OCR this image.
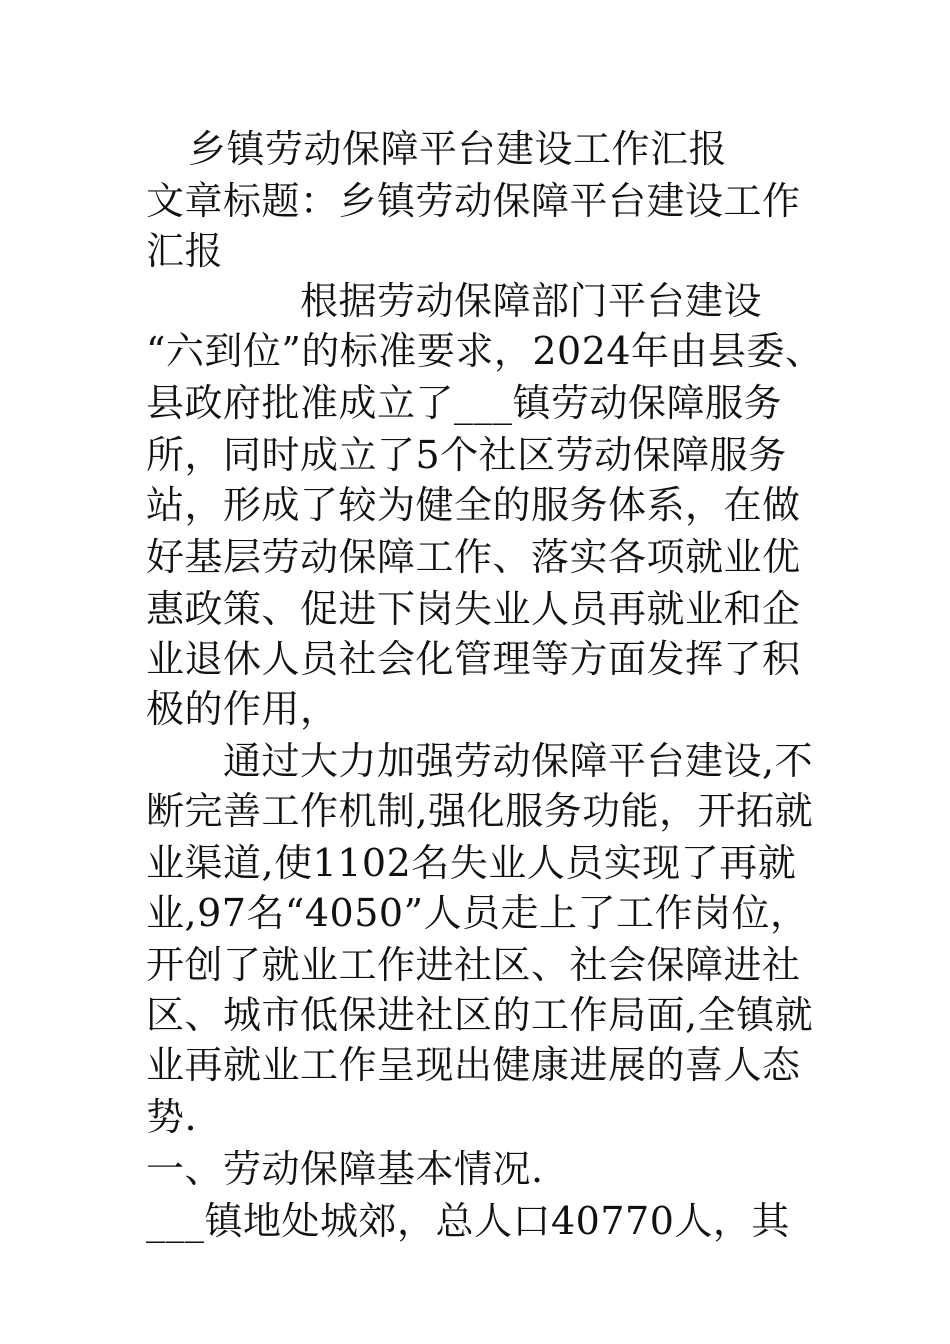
乡镇劳动保障平台建设工作汇报
文章标题：乡镇劳动保障平台建设工作
汇报
　　　　根据劳动保障部门平台建设
“六到位”的标准要求，2024年由县委、
县政府批准成立了___镇劳动保障服务
所，同时成立了5个社区劳动保障服务
站，形成了较为健全的服务体系，在做
好基层劳动保障工作、落实各项就业优
惠政策、促进下岗失业人员再就业和企
业退休人员社会化管理等方面发挥了积
极的作用，
　　通过大力加强劳动保障平台建设,不
断完善工作机制,强化服务功能，开拓就
业渠道,使1102名失业人员实现了再就
业,97名“4050”人员走上了工作岗位，
开创了就业工作进社区、社会保障进社
区、城市低保进社区的工作局面,全镇就
业再就业工作呈现出健康进展的喜人态
势.
一、劳动保障基本情况.
___镇地处城郊，总人口40770人，其
